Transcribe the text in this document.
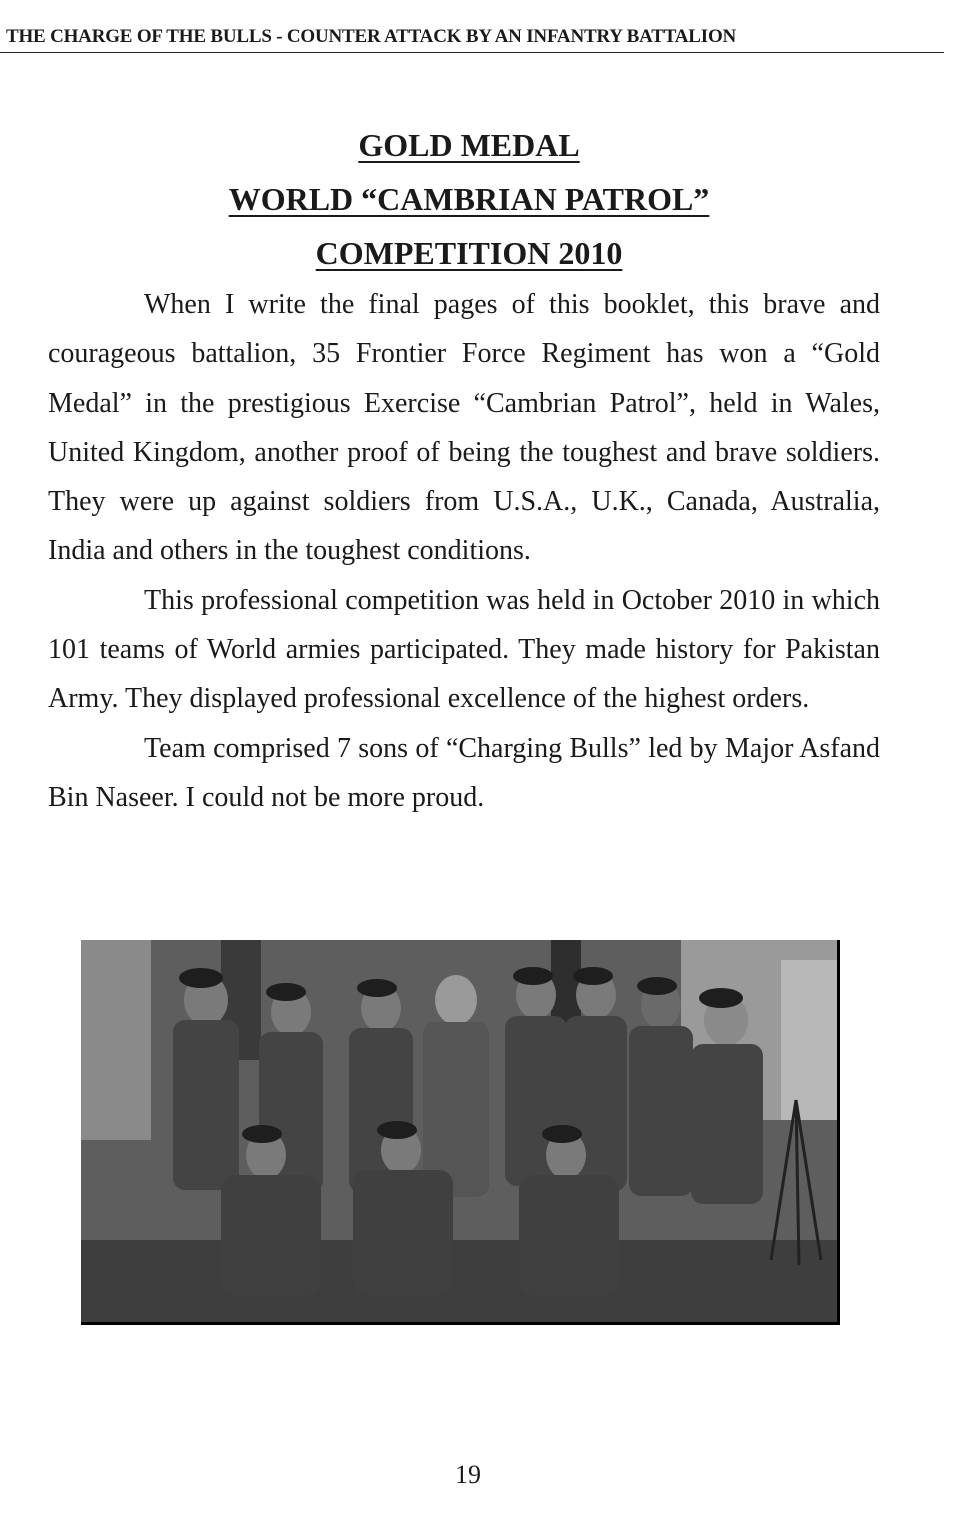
THE CHARGE OF THE BULLS - COUNTER ATTACK BY AN INFANTRY BATTALION
GOLD MEDAL
WORLD “CAMBRIAN PATROL”
COMPETITION 2010

When I write the final pages of this booklet, this brave and courageous battalion, 35 Frontier Force Regiment has won a “Gold Medal” in the prestigious Exercise “Cambrian Patrol”, held in Wales, United Kingdom, another proof of being the toughest and brave soldiers. They were up against soldiers from U.S.A., U.K., Canada, Australia, India and others in the toughest conditions.

This professional competition was held in October 2010 in which 101 teams of World armies participated. They made history for Pakistan Army. They displayed professional excellence of the highest orders.

Team comprised 7 sons of “Charging Bulls” led by Major Asfand Bin Naseer. I could not be more proud.

19
